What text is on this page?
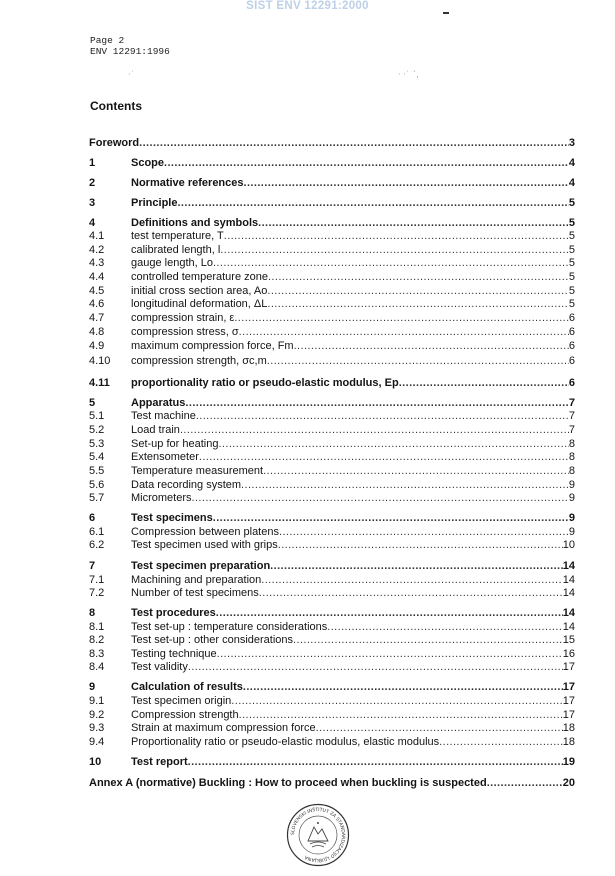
SIST ENV 12291:2000
Page 2
ENV 12291:1996
·˙	· ·˙ ´‚
Contents
Foreword .....	3
1	Scope .....	4
2	Normative references .....	4
3	Principle .....	5
4	Definitions and symbols .....	5
4.1 test temperature, T .....	5
4.2 calibrated length, l .....	5
4.3 gauge length, Lo .....	5
4.4 controlled temperature zone .....	5
4.5 initial cross section area, Ao .....	5
4.6 longitudinal deformation, ΔL .....	5
4.7 compression strain, ε .....	6
4.8 compression stress, σ .....	6
4.9 maximum compression force, Fm .....	6
4.10 compression strength, σc,m .....	6
4.11 proportionality ratio or pseudo-elastic modulus, Ep .....	6
5	Apparatus .....	7
5.1 Test machine .....	7
5.2 Load train .....	7
5.3 Set-up for heating .....	8
5.4 Extensometer .....	8
5.5 Temperature measurement .....	8
5.6 Data recording system .....	9
5.7 Micrometers .....	9
6	Test specimens .....	9
6.1 Compression between platens .....	9
6.2 Test specimen used with grips .....	10
7	Test specimen preparation .....	14
7.1 Machining and preparation .....	14
7.2 Number of test specimens .....	14
8	Test procedures .....	14
8.1 Test set-up : temperature considerations .....	14
8.2 Test set-up : other considerations .....	15
8.3 Testing technique .....	16
8.4 Test validity .....	17
9	Calculation of results .....	17
9.1 Test specimen origin .....	17
9.2 Compression strength .....	17
9.3 Strain at maximum compression force .....	18
9.4 Proportionality ratio or pseudo-elastic modulus, elastic modulus .....	18
10	Test report .....	19
Annex A (normative) Buckling : How to proceed when buckling is suspected .....	20
SLOVENSKI INŠTITUT ZA STANDARDIZACIJO LJUBLJANA
